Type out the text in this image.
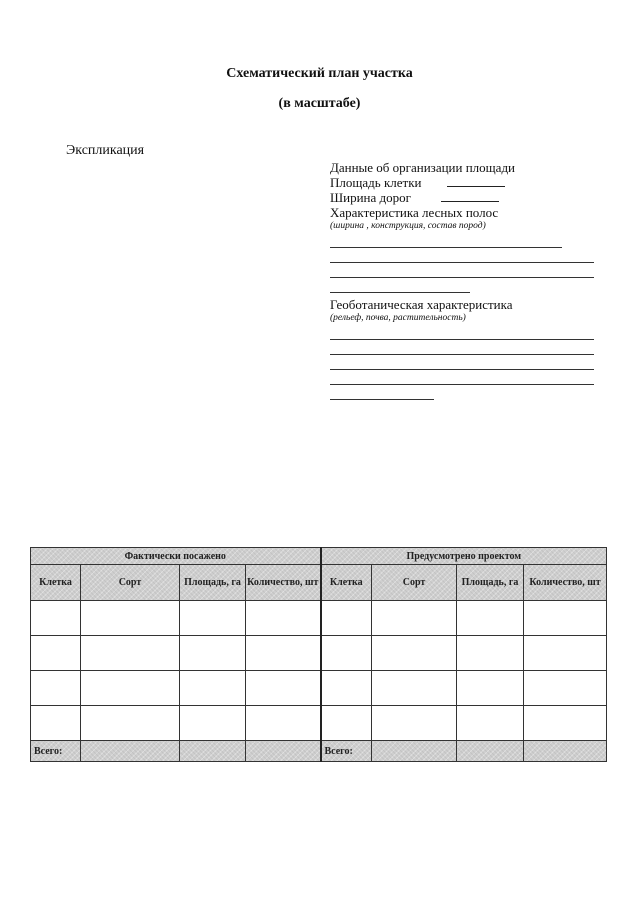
Схематический план участка
(в масштабе)
Экспликация
Данные об организации площади
Площадь клетки
Ширина дорог
Характеристика лесных полос
(ширина , конструкция, состав пород)
Геоботаническая характеристика
(рельеф, почва, растительность)
Фактически посажено				Предусмотрено проектом			
Клетка	Сорт	Площадь, га	Количество, шт	Клетка	Сорт	Площадь, га	Количество, шт

Всего:				Всего:			
